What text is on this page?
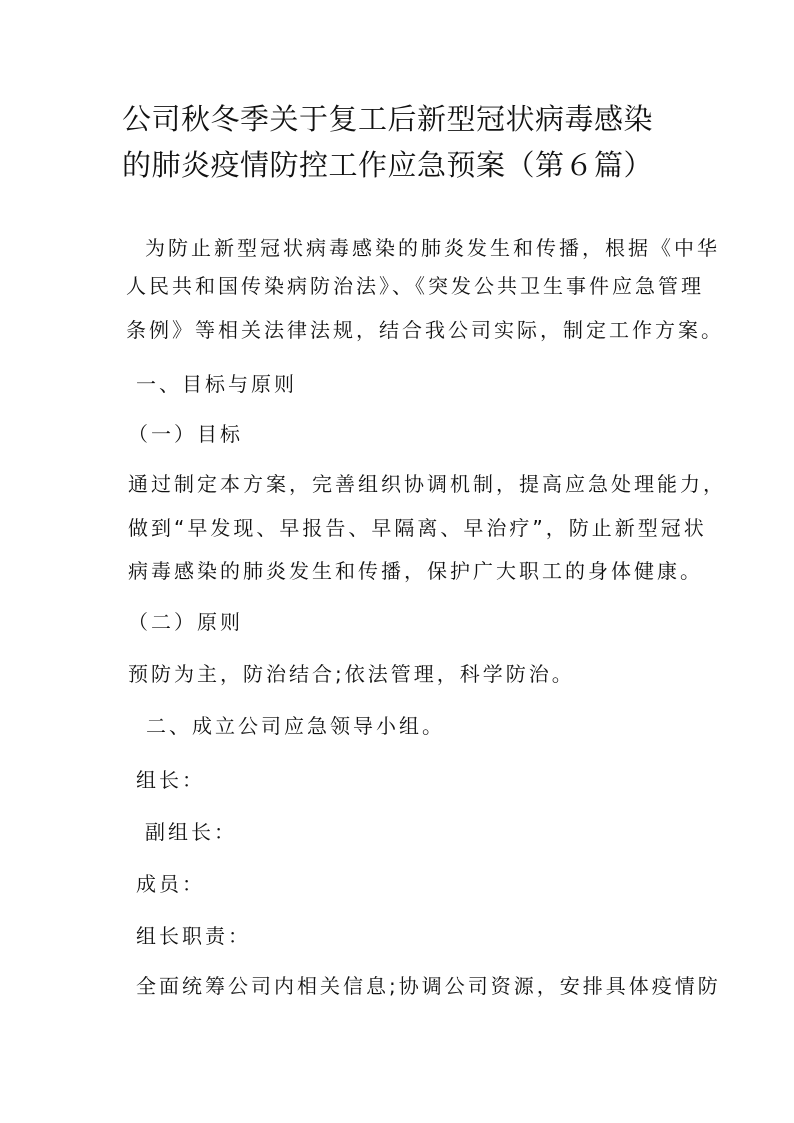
公司秋冬季关于复工后新型冠状病毒感染
的肺炎疫情防控工作应急预案（第６篇）

为防止新型冠状病毒感染的肺炎发生和传播，根据《中华

人民共和国传染病防治法》、《突发公共卫生事件应急管理

条例》等相关法律法规，结合我公司实际，制定工作方案。

一、目标与原则

（一）目标

通过制定本方案，完善组织协调机制，提高应急处理能力，

做到“早发现、早报告、早隔离、早治疗”，防止新型冠状

病毒感染的肺炎发生和传播，保护广大职工的身体健康。

（二）原则

预防为主，防治结合;依法管理，科学防治。

二、成立公司应急领导小组。

组长：

副组长：

成员：

组长职责：

全面统筹公司内相关信息;协调公司资源，安排具体疫情防
